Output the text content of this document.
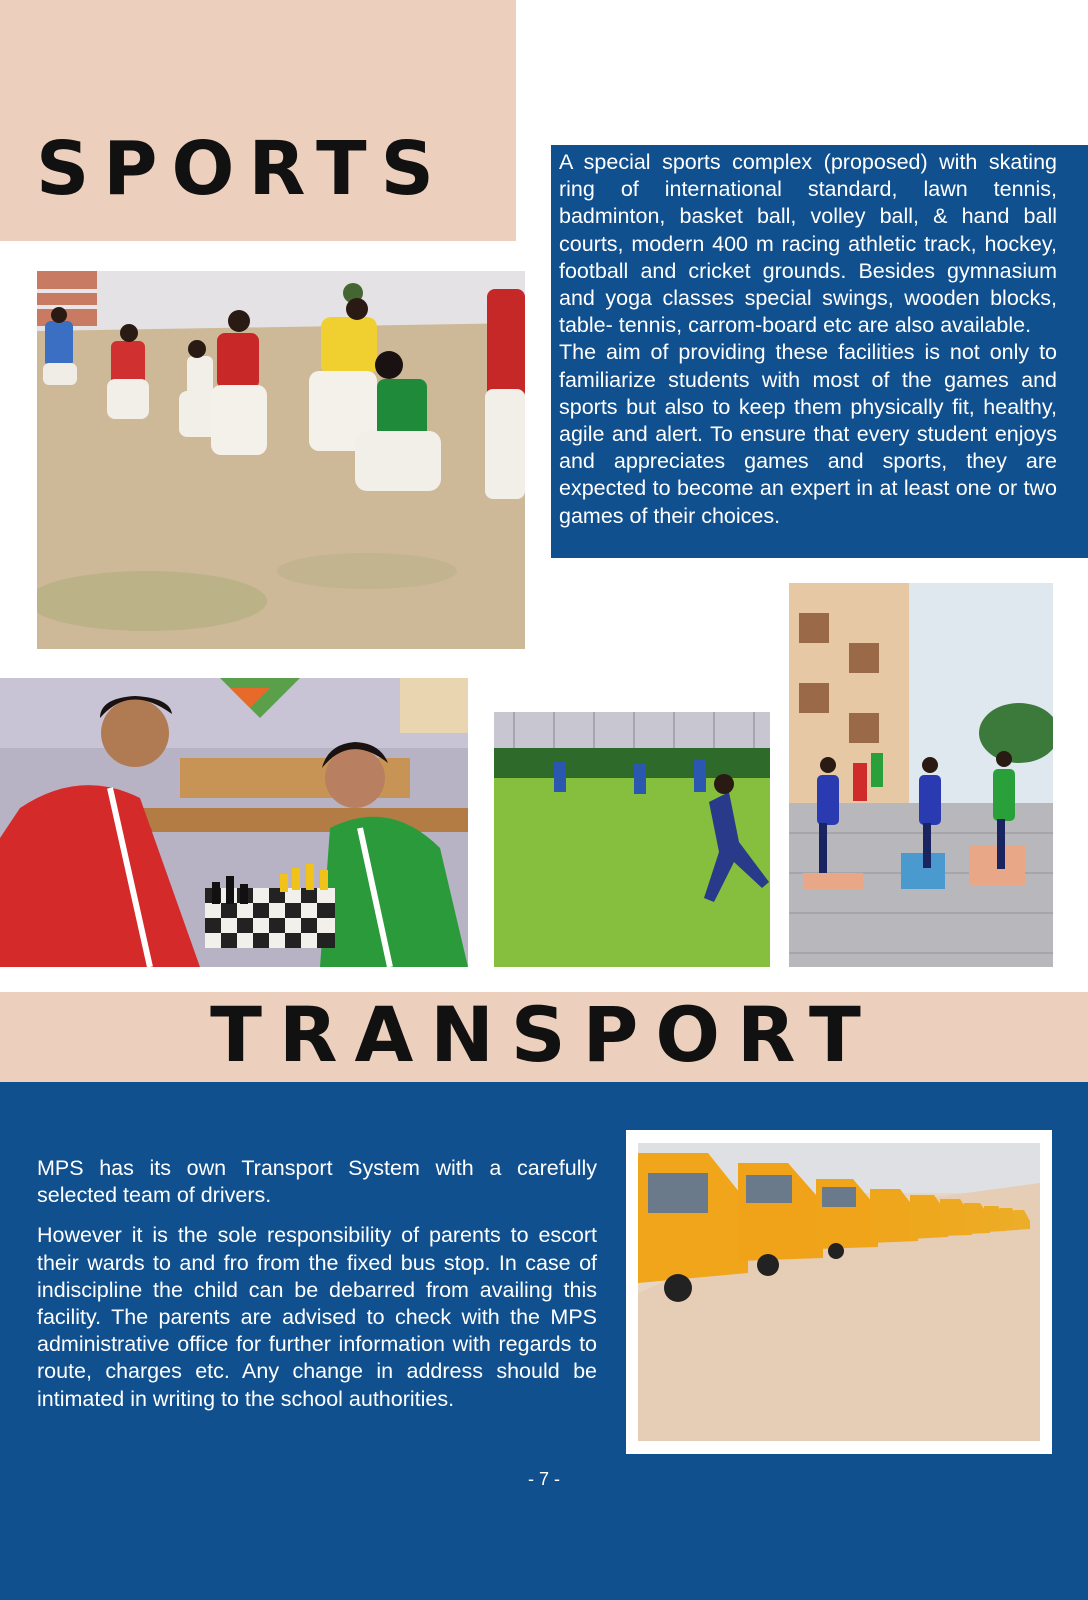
SPORTS	A special sports complex (proposed) with skating ring of international standard, lawn tennis, badminton, basket ball, volley ball, & hand ball courts, modern 400 m racing athletic track, hockey, football and cricket grounds. Besides gymnasium and yoga classes special swings, wooden blocks, table- tennis, carrom-board etc are also available.

The aim of providing these facilities is not only to familiarize students with most of the games and sports but also to keep them physically fit, healthy, agile and alert. To ensure that every student enjoys and appreciates games and sports, they are expected to become an expert in at least one or two games of their choices.

TRANSPORT

MPS has its own Transport System with a carefully selected team of drivers.

However it is the sole responsibility of parents to escort their wards to and fro from the fixed bus stop. In case of indiscipline the child can be debarred from availing this facility. The parents are advised to check with the MPS administrative office for further information with regards to route, charges etc. Any change in address should be intimated in writing to the school authorities.

- 7 -
